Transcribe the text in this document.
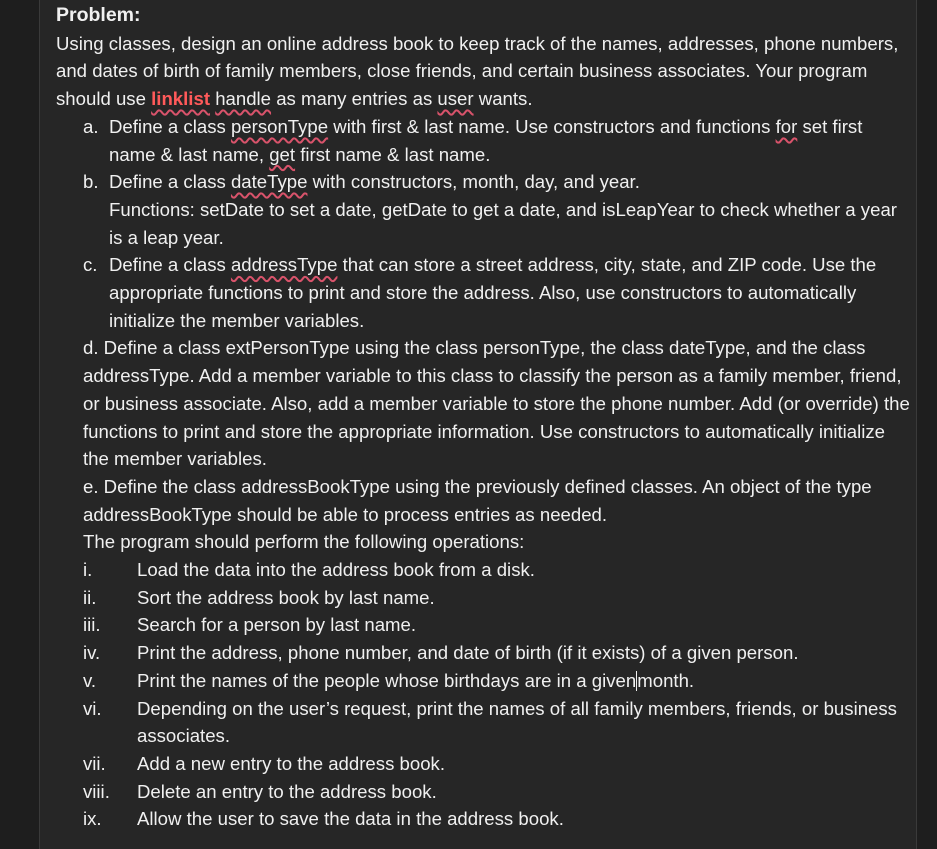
Problem:

Using classes, design an online address book to keep track of the names, addresses, phone numbers, and dates of birth of family members, close friends, and certain business associates. Your program should use linklist handle as many entries as user wants.

a. Define a class personType with first & last name. Use constructors and functions for set first name & last name, get first name & last name.
b. Define a class dateType with constructors, month, day, and year.

Functions: setDate to set a date, getDate to get a date, and isLeapYear to check whether a year is a leap year.

c. Define a class addressType that can store a street address, city, state, and ZIP code. Use the appropriate functions to print and store the address. Also, use constructors to automatically initialize the member variables.

d. Define a class extPersonType using the class personType, the class dateType, and the class addressType. Add a member variable to this class to classify the person as a family member, friend, or business associate. Also, add a member variable to store the phone number. Add (or override) the functions to print and store the appropriate information. Use constructors to automatically initialize the member variables.

e. Define the class addressBookType using the previously defined classes. An object of the type addressBookType should be able to process entries as needed.

The program should perform the following operations:

i. Load the data into the address book from a disk.
ii. Sort the address book by last name.
iii. Search for a person by last name.
iv. Print the address, phone number, and date of birth (if it exists) of a given person.
v. Print the names of the people whose birthdays are in a givenmonth.
vi. Depending on the user’s request, print the names of all family members, friends, or business associates.
vii. Add a new entry to the address book.
viii. Delete an entry to the address book.
ix. Allow the user to save the data in the address book.
